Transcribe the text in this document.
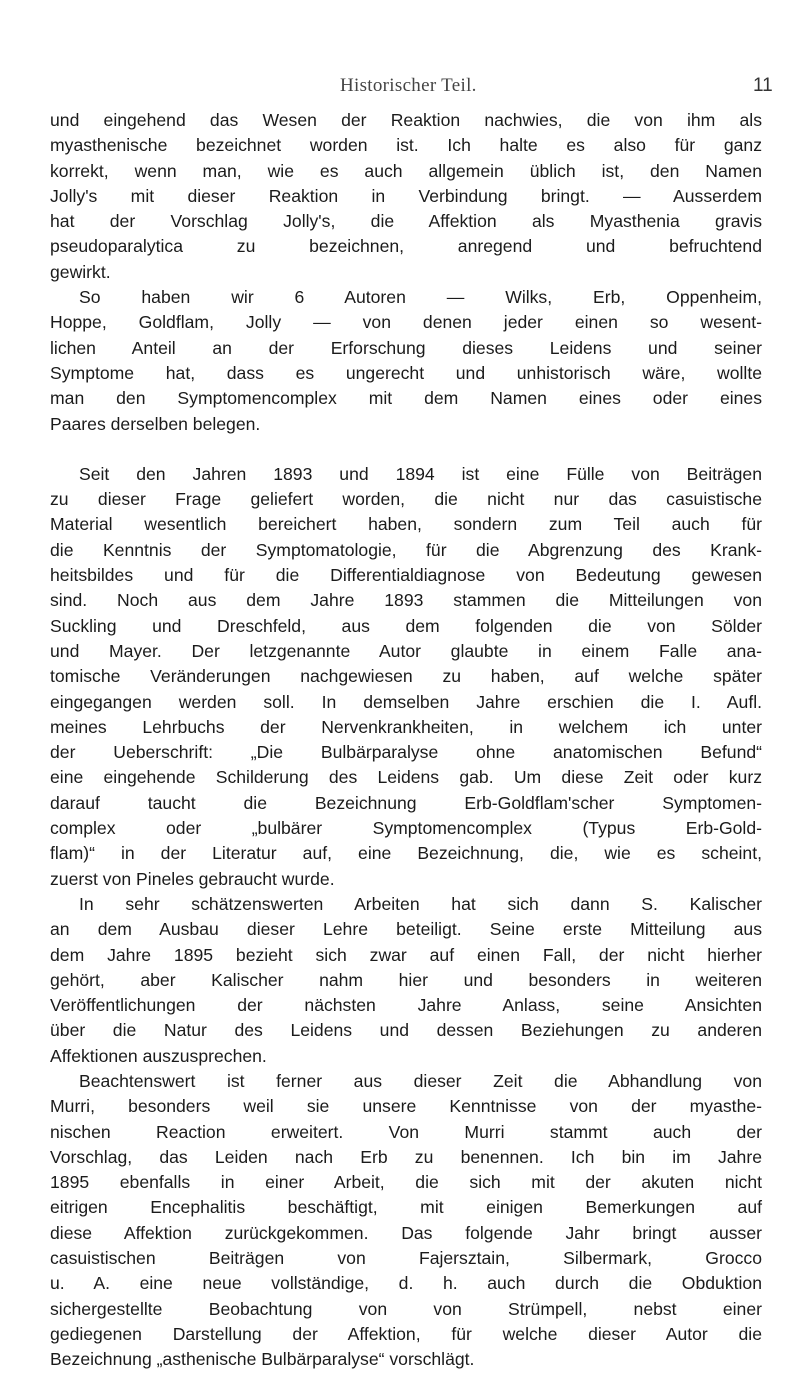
Historischer Teil.	11

und eingehend das Wesen der Reaktion nachwies, die von ihm als

myasthenische bezeichnet worden ist. Ich halte es also für ganz

korrekt, wenn man, wie es auch allgemein üblich ist, den Namen

Jolly's mit dieser Reaktion in Verbindung bringt. — Ausserdem

hat der Vorschlag Jolly's, die Affektion als Myasthenia gravis

pseudoparalytica zu bezeichnen, anregend und befruchtend

gewirkt.

So haben wir 6 Autoren — Wilks, Erb, Oppenheim,

Hoppe, Goldflam, Jolly — von denen jeder einen so wesent-

lichen Anteil an der Erforschung dieses Leidens und seiner

Symptome hat, dass es ungerecht und unhistorisch wäre, wollte

man den Symptomencomplex mit dem Namen eines oder eines

Paares derselben belegen.

Seit den Jahren 1893 und 1894 ist eine Fülle von Beiträgen

zu dieser Frage geliefert worden, die nicht nur das casuistische

Material wesentlich bereichert haben, sondern zum Teil auch für

die Kenntnis der Symptomatologie, für die Abgrenzung des Krank-

heitsbildes und für die Differentialdiagnose von Bedeutung gewesen

sind. Noch aus dem Jahre 1893 stammen die Mitteilungen von

Suckling und Dreschfeld, aus dem folgenden die von Sölder

und Mayer. Der letzgenannte Autor glaubte in einem Falle ana-

tomische Veränderungen nachgewiesen zu haben, auf welche später

eingegangen werden soll. In demselben Jahre erschien die I. Aufl.

meines Lehrbuchs der Nervenkrankheiten, in welchem ich unter

der Ueberschrift: „Die Bulbärparalyse ohne anatomischen Befund“

eine eingehende Schilderung des Leidens gab. Um diese Zeit oder kurz

darauf taucht die Bezeichnung Erb-Goldflam'scher Symptomen-

complex oder „bulbärer Symptomencomplex (Typus Erb-Gold-

flam)“ in der Literatur auf, eine Bezeichnung, die, wie es scheint,

zuerst von Pineles gebraucht wurde.

In sehr schätzenswerten Arbeiten hat sich dann S. Kalischer

an dem Ausbau dieser Lehre beteiligt. Seine erste Mitteilung aus

dem Jahre 1895 bezieht sich zwar auf einen Fall, der nicht hierher

gehört, aber Kalischer nahm hier und besonders in weiteren

Veröffentlichungen der nächsten Jahre Anlass, seine Ansichten

über die Natur des Leidens und dessen Beziehungen zu anderen

Affektionen auszusprechen.

Beachtenswert ist ferner aus dieser Zeit die Abhandlung von

Murri, besonders weil sie unsere Kenntnisse von der myasthe-

nischen Reaction erweitert. Von Murri stammt auch der

Vorschlag, das Leiden nach Erb zu benennen. Ich bin im Jahre

1895 ebenfalls in einer Arbeit, die sich mit der akuten nicht

eitrigen Encephalitis beschäftigt, mit einigen Bemerkungen auf

diese Affektion zurückgekommen. Das folgende Jahr bringt ausser

casuistischen Beiträgen von Fajersztain, Silbermark, Grocco

u. A. eine neue vollständige, d. h. auch durch die Obduktion

sichergestellte Beobachtung von von Strümpell, nebst einer

gediegenen Darstellung der Affektion, für welche dieser Autor die

Bezeichnung „asthenische Bulbärparalyse“ vorschlägt.
